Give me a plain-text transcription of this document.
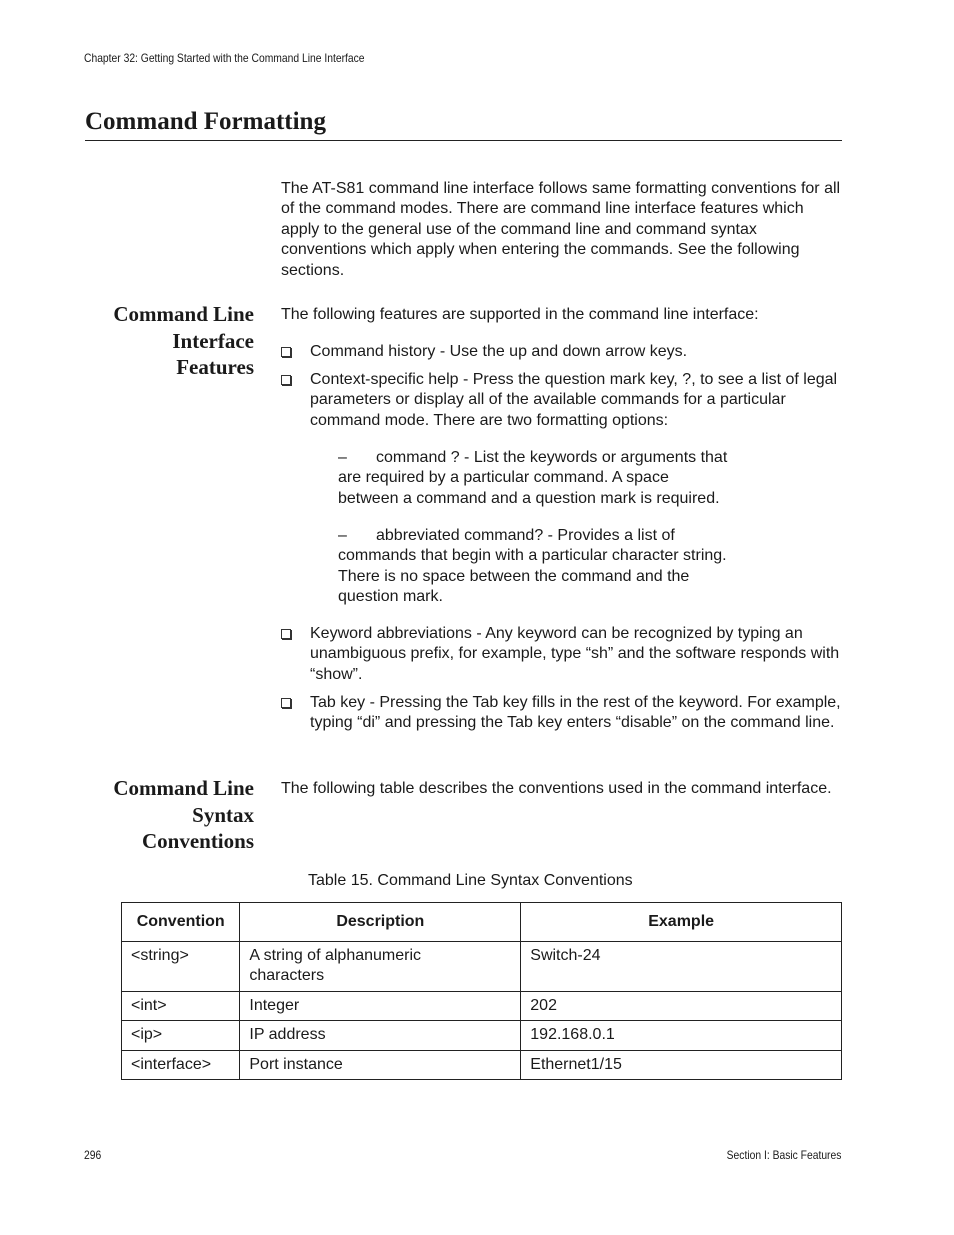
Chapter 32: Getting Started with the Command Line Interface
Command Formatting

The AT-S81 command line interface follows same formatting conventions for all of the command modes. There are command line interface features which apply to the general use of the command line and command syntax conventions which apply when entering the commands. See the following sections.

Command Line
Interface
Features

The following features are supported in the command line interface:

Command history - Use the up and down arrow keys.
Context-specific help - Press the question mark key, ?, to see a list of legal parameters or display all of the available commands for a particular command mode. There are two formatting options:
– command ? - List the keywords or arguments that
are required by a particular command. A space
between a command and a question mark is required.
– abbreviated command? - Provides a list of
commands that begin with a particular character string.
There is no space between the command and the
question mark.
Keyword abbreviations - Any keyword can be recognized by typing an unambiguous prefix, for example, type “sh” and the software responds with “show”.
Tab key - Pressing the Tab key fills in the rest of the keyword. For example, typing “di” and pressing the Tab key enters “disable” on the command line.
Command Line
Syntax
Conventions

The following table describes the conventions used in the command interface.

Table 15. Command Line Syntax Conventions
Convention	Description	Example
<string>	A string of alphanumeric characters	Switch-24
<int>	Integer	202
<ip>	IP address	192.168.0.1
<interface>	Port instance	Ethernet1/15
296	Section I: Basic Features
